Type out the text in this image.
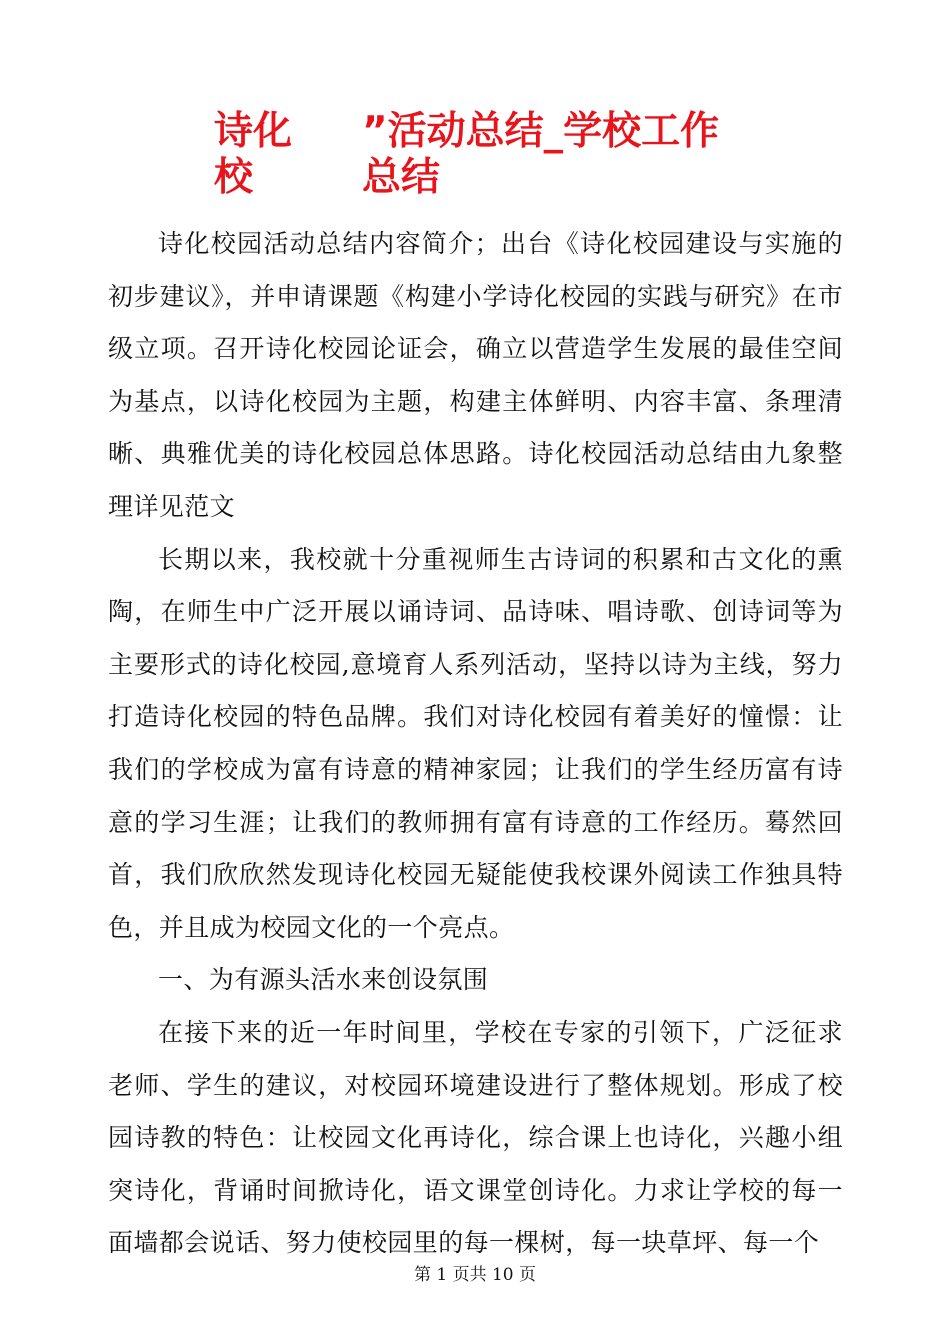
诗化 ”活动总结_学校工作
校	总结

诗化校园活动总结内容简介；出台《诗化校园建设与实施的初步建议》，并申请课题《构建小学诗化校园的实践与研究》在市级立项。召开诗化校园论证会，确立以营造学生发展的最佳空间为基点，以诗化校园为主题，构建主体鲜明、内容丰富、条理清晰、典雅优美的诗化校园总体思路。诗化校园活动总结由九象整理详见范文

长期以来，我校就十分重视师生古诗词的积累和古文化的熏陶，在师生中广泛开展以诵诗词、品诗味、唱诗歌、创诗词等为主要形式的诗化校园,意境育人系列活动，坚持以诗为主线，努力打造诗化校园的特色品牌。我们对诗化校园有着美好的憧憬：让我们的学校成为富有诗意的精神家园；让我们的学生经历富有诗意的学习生涯；让我们的教师拥有富有诗意的工作经历。蓦然回首，我们欣欣然发现诗化校园无疑能使我校课外阅读工作独具特色，并且成为校园文化的一个亮点。

一、为有源头活水来创设氛围

在接下来的近一年时间里，学校在专家的引领下，广泛征求老师、学生的建议，对校园环境建设进行了整体规划。形成了校园诗教的特色：让校园文化再诗化，综合课上也诗化，兴趣小组突诗化，背诵时间掀诗化，语文课堂创诗化。力求让学校的每一面墙都会说话、努力使校园里的每一棵树，每一块草坪、每一个

第 1 页共 10 页
